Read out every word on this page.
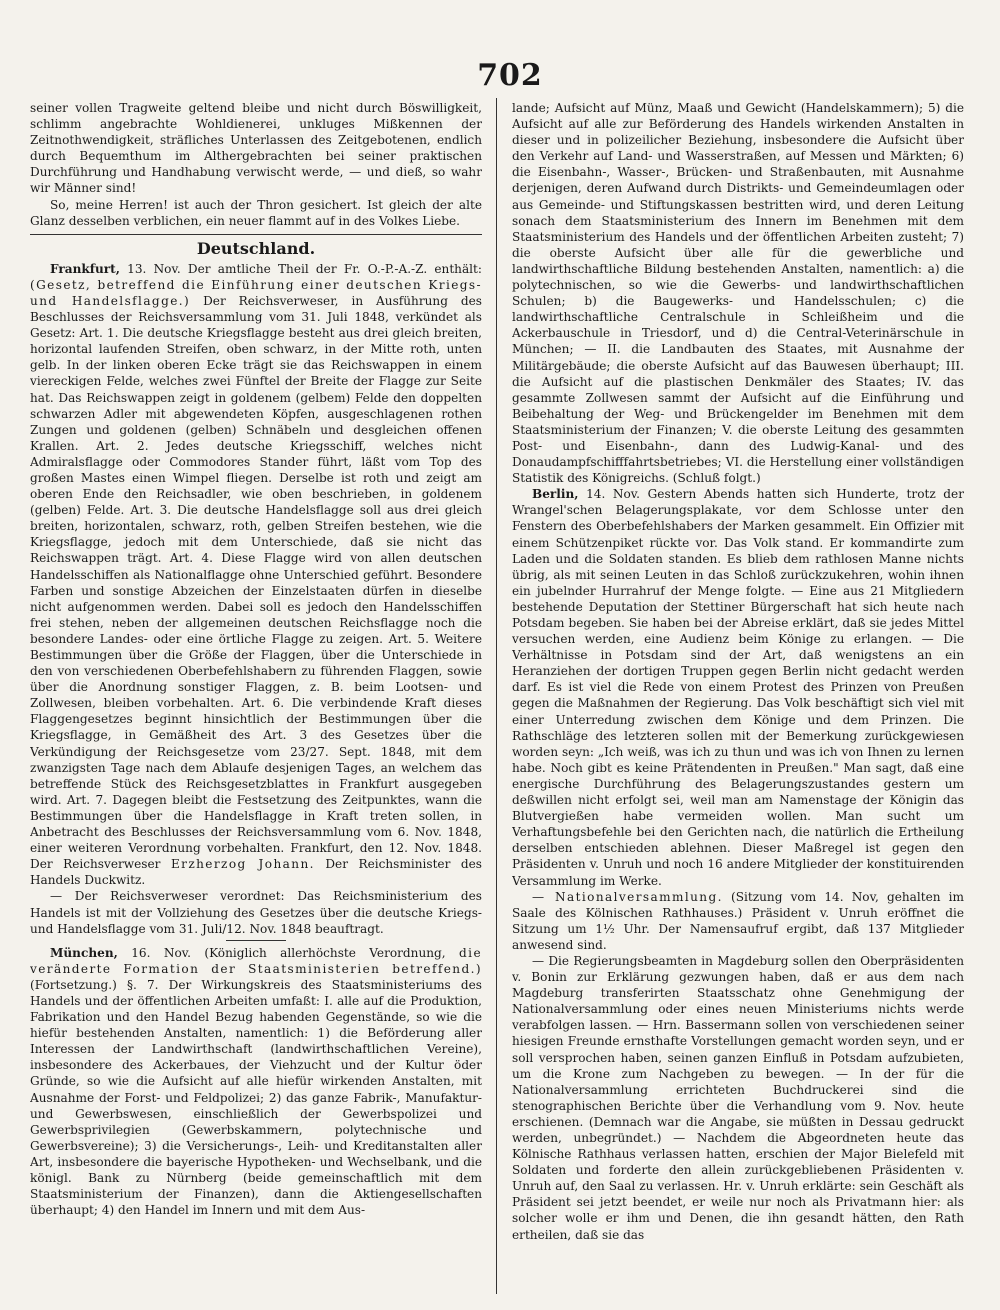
702

seiner vollen Tragweite geltend bleibe und nicht durch Böswilligkeit, schlimm angebrachte Wohldienerei, unkluges Mißkennen der Zeitnothwendigkeit, sträfliches Unterlassen des Zeitgebotenen, endlich durch Bequemthum im Althergebrachten bei seiner praktischen Durchführung und Handhabung verwischt werde, — und dieß, so wahr wir Männer sind!

So, meine Herren! ist auch der Thron gesichert. Ist gleich der alte Glanz desselben verblichen, ein neuer flammt auf in des Volkes Liebe.

Deutschland.

Frankfurt, 13. Nov. Der amtliche Theil der Fr. O.-P.-A.-Z. enthält: (Gesetz, betreffend die Einführung einer deutschen Kriegs- und Handelsflagge.) Der Reichsverweser, in Ausführung des Beschlusses der Reichsversammlung vom 31. Juli 1848, verkündet als Gesetz: Art. 1. Die deutsche Kriegsflagge besteht aus drei gleich breiten, horizontal laufenden Streifen, oben schwarz, in der Mitte roth, unten gelb. In der linken oberen Ecke trägt sie das Reichswappen in einem viereckigen Felde, welches zwei Fünftel der Breite der Flagge zur Seite hat. Das Reichswappen zeigt in goldenem (gelbem) Felde den doppelten schwarzen Adler mit abgewendeten Köpfen, ausgeschlagenen rothen Zungen und goldenen (gelben) Schnäbeln und desgleichen offenen Krallen. Art. 2. Jedes deutsche Kriegsschiff, welches nicht Admiralsflagge oder Commodores Stander führt, läßt vom Top des großen Mastes einen Wimpel fliegen. Derselbe ist roth und zeigt am oberen Ende den Reichsadler, wie oben beschrieben, in goldenem (gelben) Felde. Art. 3. Die deutsche Handelsflagge soll aus drei gleich breiten, horizontalen, schwarz, roth, gelben Streifen bestehen, wie die Kriegsflagge, jedoch mit dem Unterschiede, daß sie nicht das Reichswappen trägt. Art. 4. Diese Flagge wird von allen deutschen Handelsschiffen als Nationalflagge ohne Unterschied geführt. Besondere Farben und sonstige Abzeichen der Einzelstaaten dürfen in dieselbe nicht aufgenommen werden. Dabei soll es jedoch den Handelsschiffen frei stehen, neben der allgemeinen deutschen Reichsflagge noch die besondere Landes- oder eine örtliche Flagge zu zeigen. Art. 5. Weitere Bestimmungen über die Größe der Flaggen, über die Unterschiede in den von verschiedenen Oberbefehlshabern zu führenden Flaggen, sowie über die Anordnung sonstiger Flaggen, z. B. beim Lootsen- und Zollwesen, bleiben vorbehalten. Art. 6. Die verbindende Kraft dieses Flaggengesetzes beginnt hinsichtlich der Bestimmungen über die Kriegsflagge, in Gemäßheit des Art. 3 des Gesetzes über die Verkündigung der Reichsgesetze vom 23/27. Sept. 1848, mit dem zwanzigsten Tage nach dem Ablaufe desjenigen Tages, an welchem das betreffende Stück des Reichsgesetzblattes in Frankfurt ausgegeben wird. Art. 7. Dagegen bleibt die Festsetzung des Zeitpunktes, wann die Bestimmungen über die Handelsflagge in Kraft treten sollen, in Anbetracht des Beschlusses der Reichsversammlung vom 6. Nov. 1848, einer weiteren Verordnung vorbehalten. Frankfurt, den 12. Nov. 1848. Der Reichsverweser Erzherzog Johann. Der Reichsminister des Handels Duckwitz.

— Der Reichsverweser verordnet: Das Reichsministerium des Handels ist mit der Vollziehung des Gesetzes über die deutsche Kriegs- und Handelsflagge vom 31. Juli/12. Nov. 1848 beauftragt.

München, 16. Nov. (Königlich allerhöchste Verordnung, die veränderte Formation der Staatsministerien betreffend.) (Fortsetzung.) §. 7. Der Wirkungskreis des Staatsministeriums des Handels und der öffentlichen Arbeiten umfaßt: I. alle auf die Produktion, Fabrikation und den Handel Bezug habenden Gegenstände, so wie die hiefür bestehenden Anstalten, namentlich: 1) die Beförderung aller Interessen der Landwirthschaft (landwirthschaftlichen Vereine), insbesondere des Ackerbaues, der Viehzucht und der Kultur öder Gründe, so wie die Aufsicht auf alle hiefür wirkenden Anstalten, mit Ausnahme der Forst- und Feldpolizei; 2) das ganze Fabrik-, Manufaktur- und Gewerbswesen, einschließlich der Gewerbspolizei und Gewerbsprivilegien (Gewerbskammern, polytechnische und Gewerbsvereine); 3) die Versicherungs-, Leih- und Kreditanstalten aller Art, insbesondere die bayerische Hypotheken- und Wechselbank, und die königl. Bank zu Nürnberg (beide gemeinschaftlich mit dem Staatsministerium der Finanzen), dann die Aktiengesellschaften überhaupt; 4) den Handel im Innern und mit dem Aus-

lande; Aufsicht auf Münz, Maaß und Gewicht (Handelskammern); 5) die Aufsicht auf alle zur Beförderung des Handels wirkenden Anstalten in dieser und in polizeilicher Beziehung, insbesondere die Aufsicht über den Verkehr auf Land- und Wasserstraßen, auf Messen und Märkten; 6) die Eisenbahn-, Wasser-, Brücken- und Straßenbauten, mit Ausnahme derjenigen, deren Aufwand durch Distrikts- und Gemeindeumlagen oder aus Gemeinde- und Stiftungskassen bestritten wird, und deren Leitung sonach dem Staatsministerium des Innern im Benehmen mit dem Staatsministerium des Handels und der öffentlichen Arbeiten zusteht; 7) die oberste Aufsicht über alle für die gewerbliche und landwirthschaftliche Bildung bestehenden Anstalten, namentlich: a) die polytechnischen, so wie die Gewerbs- und landwirthschaftlichen Schulen; b) die Baugewerks- und Handelsschulen; c) die landwirthschaftliche Centralschule in Schleißheim und die Ackerbauschule in Triesdorf, und d) die Central-Veterinärschule in München; — II. die Landbauten des Staates, mit Ausnahme der Militärgebäude; die oberste Aufsicht auf das Bauwesen überhaupt; III. die Aufsicht auf die plastischen Denkmäler des Staates; IV. das gesammte Zollwesen sammt der Aufsicht auf die Einführung und Beibehaltung der Weg- und Brückengelder im Benehmen mit dem Staatsministerium der Finanzen; V. die oberste Leitung des gesammten Post- und Eisenbahn-, dann des Ludwig-Kanal- und des Donaudampfschifffahrtsbetriebes; VI. die Herstellung einer vollständigen Statistik des Königreichs. (Schluß folgt.)

Berlin, 14. Nov. Gestern Abends hatten sich Hunderte, trotz der Wrangel'schen Belagerungsplakate, vor dem Schlosse unter den Fenstern des Oberbefehlshabers der Marken gesammelt. Ein Offizier mit einem Schützenpiket rückte vor. Das Volk stand. Er kommandirte zum Laden und die Soldaten standen. Es blieb dem rathlosen Manne nichts übrig, als mit seinen Leuten in das Schloß zurückzukehren, wohin ihnen ein jubelnder Hurrahruf der Menge folgte. — Eine aus 21 Mitgliedern bestehende Deputation der Stettiner Bürgerschaft hat sich heute nach Potsdam begeben. Sie haben bei der Abreise erklärt, daß sie jedes Mittel versuchen werden, eine Audienz beim Könige zu erlangen. — Die Verhältnisse in Potsdam sind der Art, daß wenigstens an ein Heranziehen der dortigen Truppen gegen Berlin nicht gedacht werden darf. Es ist viel die Rede von einem Protest des Prinzen von Preußen gegen die Maßnahmen der Regierung. Das Volk beschäftigt sich viel mit einer Unterredung zwischen dem Könige und dem Prinzen. Die Rathschläge des letzteren sollen mit der Bemerkung zurückgewiesen worden seyn: „Ich weiß, was ich zu thun und was ich von Ihnen zu lernen habe. Noch gibt es keine Prätendenten in Preußen." Man sagt, daß eine energische Durchführung des Belagerungszustandes gestern um deßwillen nicht erfolgt sei, weil man am Namenstage der Königin das Blutvergießen habe vermeiden wollen. Man sucht um Verhaftungsbefehle bei den Gerichten nach, die natürlich die Ertheilung derselben entschieden ablehnen. Dieser Maßregel ist gegen den Präsidenten v. Unruh und noch 16 andere Mitglieder der konstituirenden Versammlung im Werke.

— Nationalversammlung. (Sitzung vom 14. Nov, gehalten im Saale des Kölnischen Rathhauses.) Präsident v. Unruh eröffnet die Sitzung um 1½ Uhr. Der Namensaufruf ergibt, daß 137 Mitglieder anwesend sind.

— Die Regierungsbeamten in Magdeburg sollen den Oberpräsidenten v. Bonin zur Erklärung gezwungen haben, daß er aus dem nach Magdeburg transferirten Staatsschatz ohne Genehmigung der Nationalversammlung oder eines neuen Ministeriums nichts werde verabfolgen lassen. — Hrn. Bassermann sollen von verschiedenen seiner hiesigen Freunde ernsthafte Vorstellungen gemacht worden seyn, und er soll versprochen haben, seinen ganzen Einfluß in Potsdam aufzubieten, um die Krone zum Nachgeben zu bewegen. — In der für die Nationalversammlung errichteten Buchdruckerei sind die stenographischen Berichte über die Verhandlung vom 9. Nov. heute erschienen. (Demnach war die Angabe, sie müßten in Dessau gedruckt werden, unbegründet.) — Nachdem die Abgeordneten heute das Kölnische Rathhaus verlassen hatten, erschien der Major Bielefeld mit Soldaten und forderte den allein zurückgebliebenen Präsidenten v. Unruh auf, den Saal zu verlassen. Hr. v. Unruh erklärte: sein Geschäft als Präsident sei jetzt beendet, er weile nur noch als Privatmann hier: als solcher wolle er ihm und Denen, die ihn gesandt hätten, den Rath ertheilen, daß sie das
